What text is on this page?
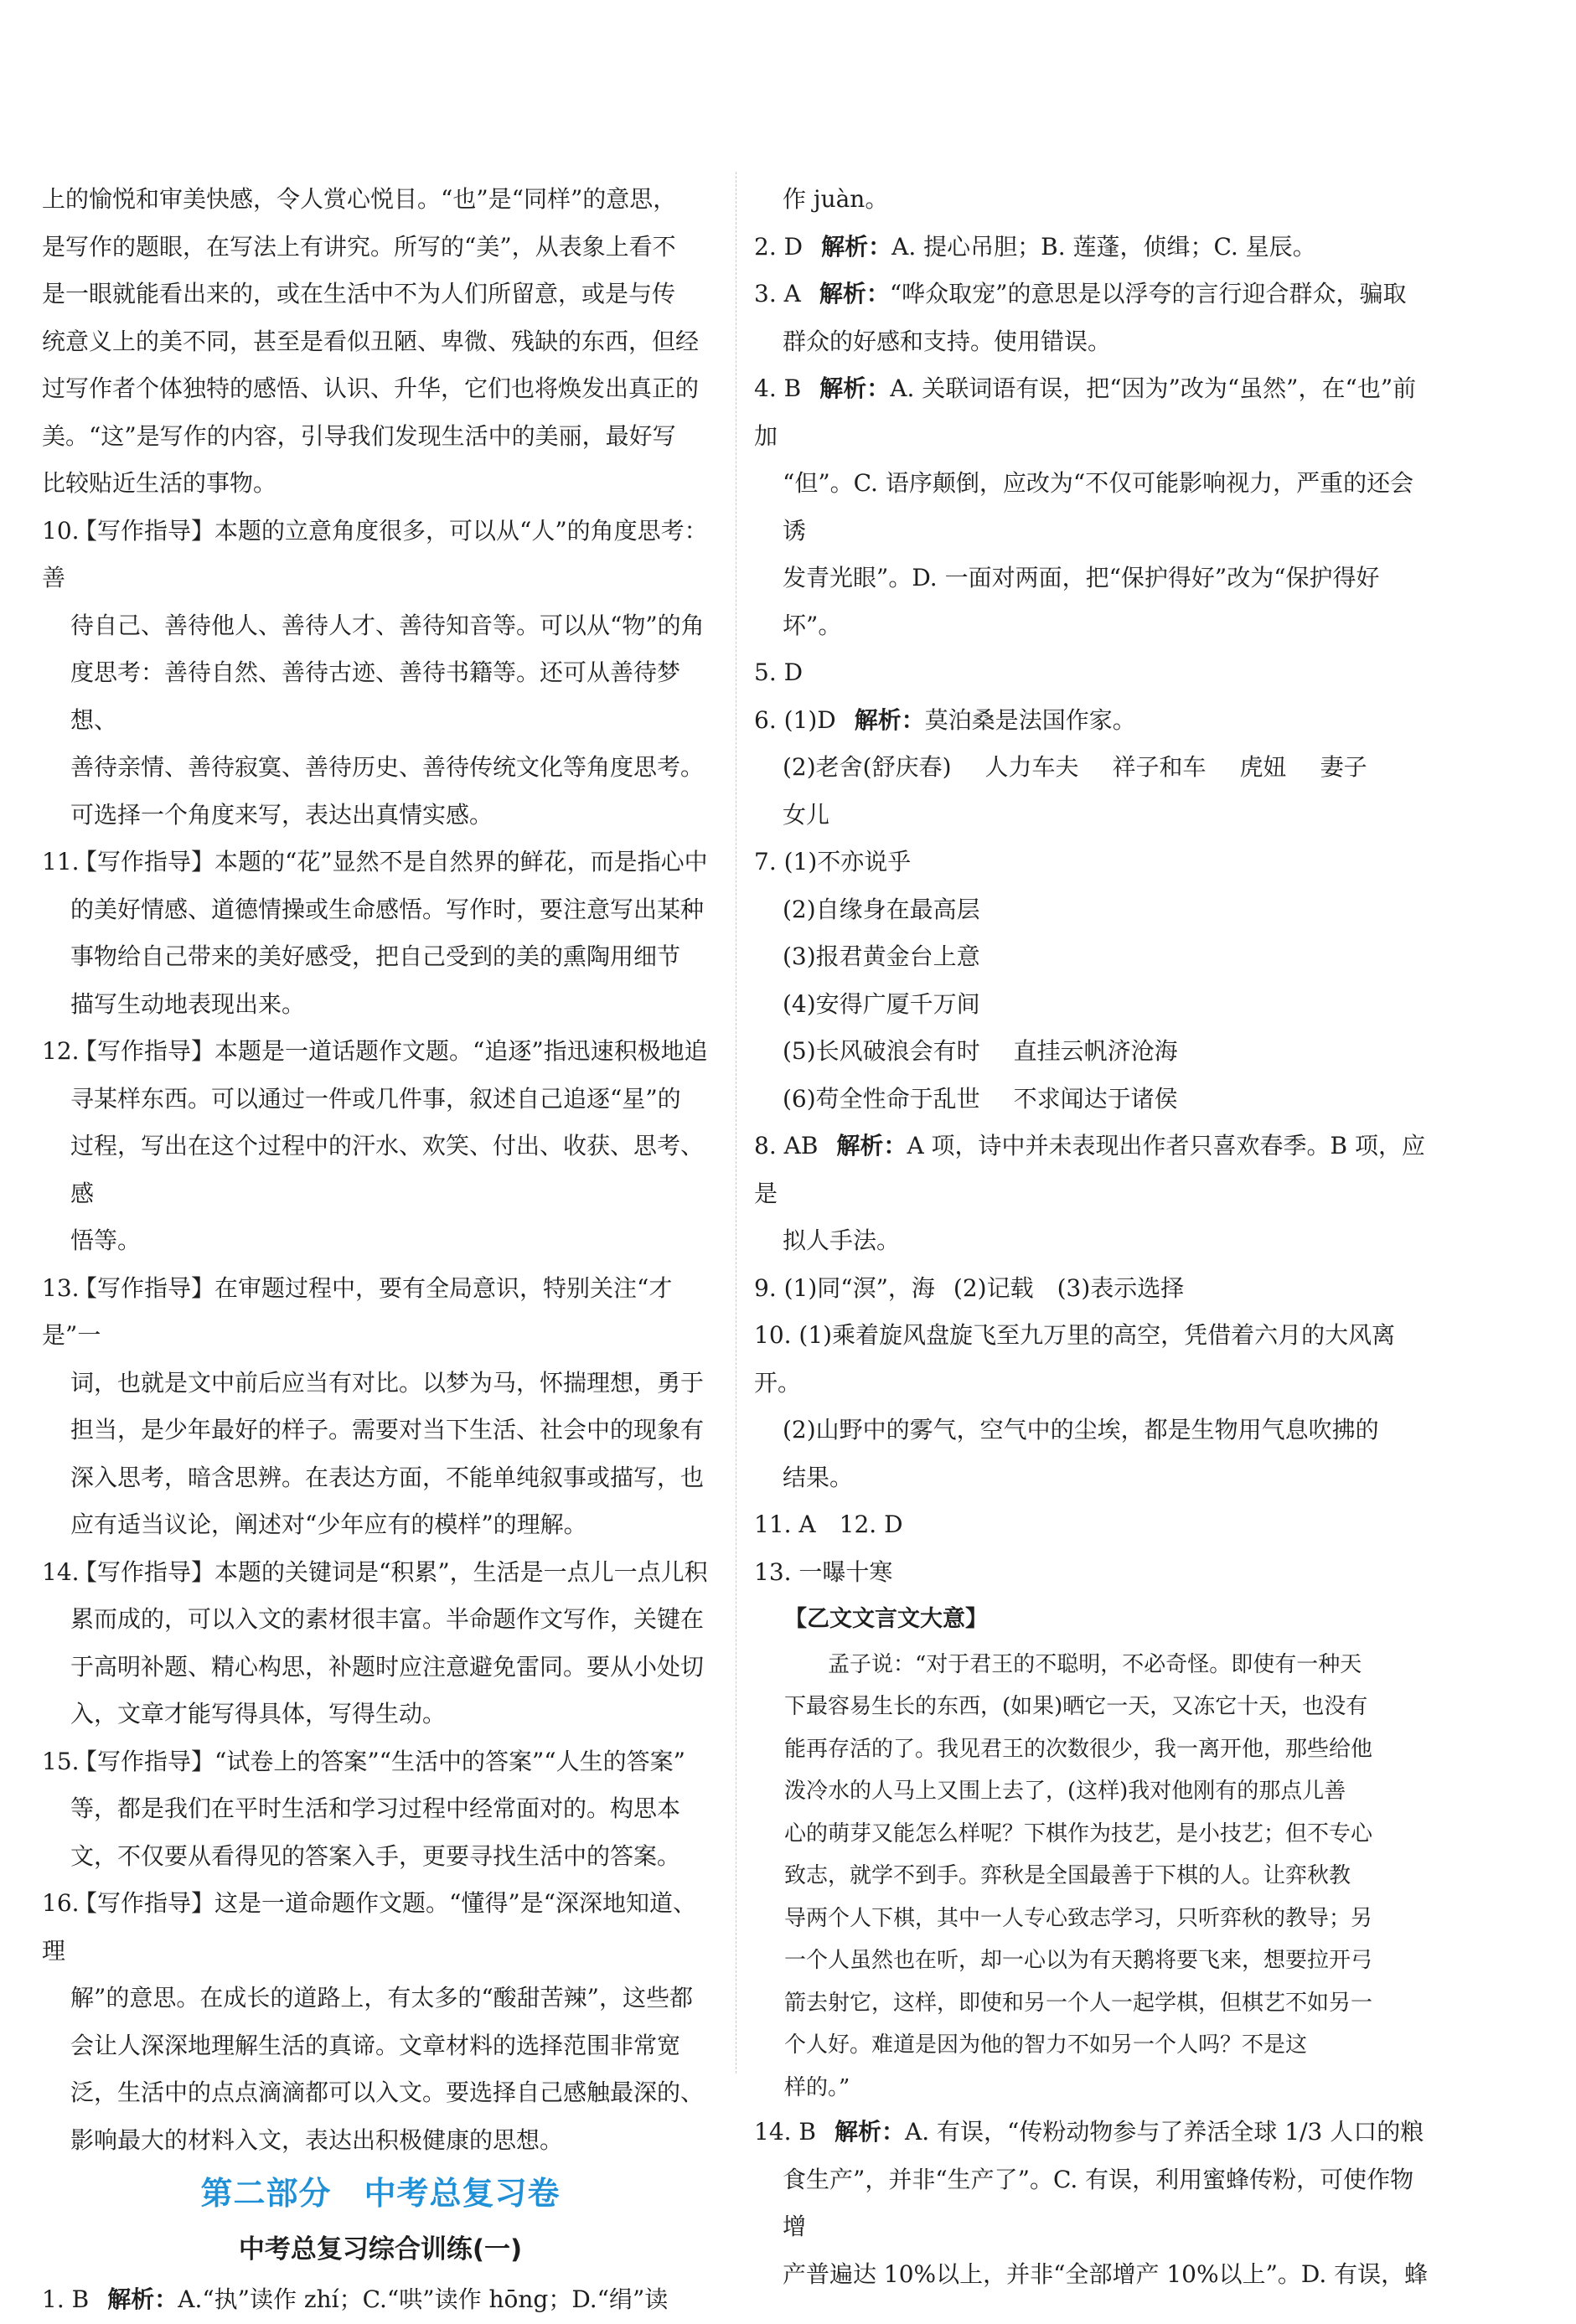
上的愉悦和审美快感，令人赏心悦目。“也”是“同样”的意思，

是写作的题眼，在写法上有讲究。所写的“美”，从表象上看不

是一眼就能看出来的，或在生活中不为人们所留意，或是与传

统意义上的美不同，甚至是看似丑陋、卑微、残缺的东西，但经

过写作者个体独特的感悟、认识、升华，它们也将焕发出真正的

美。“这”是写作的内容，引导我们发现生活中的美丽，最好写

比较贴近生活的事物。

10.【写作指导】本题的立意角度很多，可以从“人”的角度思考：善

待自己、善待他人、善待人才、善待知音等。可以从“物”的角

度思考：善待自然、善待古迹、善待书籍等。还可从善待梦想、

善待亲情、善待寂寞、善待历史、善待传统文化等角度思考。

可选择一个角度来写，表达出真情实感。

11.【写作指导】本题的“花”显然不是自然界的鲜花，而是指心中

的美好情感、道德情操或生命感悟。写作时，要注意写出某种

事物给自己带来的美好感受，把自己受到的美的熏陶用细节

描写生动地表现出来。

12.【写作指导】本题是一道话题作文题。“追逐”指迅速积极地追

寻某样东西。可以通过一件或几件事，叙述自己追逐“星”的

过程，写出在这个过程中的汗水、欢笑、付出、收获、思考、感

悟等。

13.【写作指导】在审题过程中，要有全局意识，特别关注“才是”一

词，也就是文中前后应当有对比。以梦为马，怀揣理想，勇于

担当，是少年最好的样子。需要对当下生活、社会中的现象有

深入思考，暗含思辨。在表达方面，不能单纯叙事或描写，也

应有适当议论，阐述对“少年应有的模样”的理解。

14.【写作指导】本题的关键词是“积累”，生活是一点儿一点儿积

累而成的，可以入文的素材很丰富。半命题作文写作，关键在

于高明补题、精心构思，补题时应注意避免雷同。要从小处切

入，文章才能写得具体，写得生动。

15.【写作指导】“试卷上的答案”“生活中的答案”“人生的答案”

等，都是我们在平时生活和学习过程中经常面对的。构思本

文，不仅要从看得见的答案入手，更要寻找生活中的答案。

16.【写作指导】这是一道命题作文题。“懂得”是“深深地知道、理

解”的意思。在成长的道路上，有太多的“酸甜苦辣”，这些都

会让人深深地理解生活的真谛。文章材料的选择范围非常宽

泛，生活中的点点滴滴都可以入文。要选择自己感触最深的、

影响最大的材料入文，表达出积极健康的思想。

第二部分　中考总复习卷

中考总复习综合训练(一)

1. B 解析：A.“执”读作 zhí；C.“哄”读作 hōng；D.“绢”读

作 juàn。

2. D 解析：A. 提心吊胆；B. 莲蓬，侦缉；C. 星辰。

3. A 解析：“哗众取宠”的意思是以浮夸的言行迎合群众，骗取

群众的好感和支持。使用错误。

4. B 解析：A. 关联词语有误，把“因为”改为“虽然”，在“也”前加

“但”。C. 语序颠倒，应改为“不仅可能影响视力，严重的还会诱

发青光眼”。D. 一面对两面，把“保护得好”改为“保护得好坏”。

5. D

6. (1)D 解析：莫泊桑是法国作家。

(2)老舍(舒庆春) 人力车夫 祥子和车 虎妞 妻子

女儿

7. (1)不亦说乎

(2)自缘身在最高层

(3)报君黄金台上意

(4)安得广厦千万间

(5)长风破浪会有时 直挂云帆济沧海

(6)苟全性命于乱世 不求闻达于诸侯

8. AB 解析：A 项，诗中并未表现出作者只喜欢春季。B 项，应是

拟人手法。

9. (1)同“溟”，海 (2)记载　(3)表示选择

10. (1)乘着旋风盘旋飞至九万里的高空，凭借着六月的大风离开。

(2)山野中的雾气，空气中的尘埃，都是生物用气息吹拂的

结果。

11. A　12. D

13. 一曝十寒

【乙文文言文大意】

孟子说：“对于君王的不聪明，不必奇怪。即使有一种天

下最容易生长的东西，(如果)晒它一天，又冻它十天，也没有

能再存活的了。我见君王的次数很少，我一离开他，那些给他

泼冷水的人马上又围上去了，(这样)我对他刚有的那点儿善

心的萌芽又能怎么样呢？下棋作为技艺，是小技艺；但不专心

致志，就学不到手。弈秋是全国最善于下棋的人。让弈秋教

导两个人下棋，其中一人专心致志学习，只听弈秋的教导；另

一个人虽然也在听，却一心以为有天鹅将要飞来，想要拉开弓

箭去射它，这样，即使和另一个人一起学棋，但棋艺不如另一

个人好。难道是因为他的智力不如另一个人吗？不是这

样的。”

14. B 解析：A. 有误，“传粉动物参与了养活全球 1/3 人口的粮

食生产”，并非“生产了”。C. 有误，利用蜜蜂传粉，可使作物增

产普遍达 10%以上，并非“全部增产 10%以上”。D. 有误，蜂
